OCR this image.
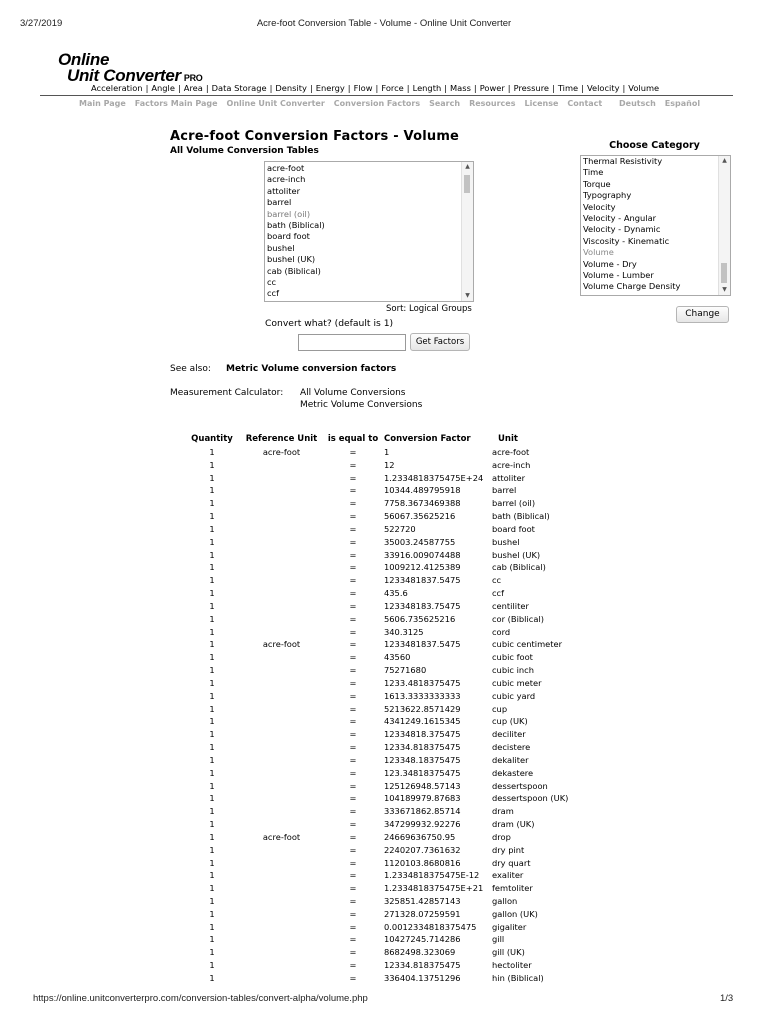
3/27/2019	Acre-foot Conversion Table - Volume - Online Unit Converter
Online
Unit Converter PRO
Acceleration | Angle | Area | Data Storage | Density | Energy | Flow | Force | Length | Mass | Power | Pressure | Time | Velocity | Volume
Main Page Factors Main Page Online Unit Converter Conversion Factors Search Resources License Contact	Deutsch Español
Acre-foot Conversion Factors - Volume
All Volume Conversion Tables
acre-foot
acre-inch
attoliter
barrel
barrel (oil)
bath (Biblical)
board foot
bushel
bushel (UK)
cab (Biblical)
cc
ccf
▲
▼
Sort: Logical Groups
Convert what? (default is 1)
Get Factors
Choose Category
Thermal Resistivity
Time
Torque
Typography
Velocity
Velocity - Angular
Velocity - Dynamic
Viscosity - Kinematic
Volume
Volume - Dry
Volume - Lumber
Volume Charge Density
▲
▼
Change
See also: Metric Volume conversion factors
Measurement Calculator: All Volume Conversions
Metric Volume Conversions
Quantity	Reference Unit	is equal to	Conversion Factor	Unit
1	acre-foot	=	1	acre-foot
1		=	12	acre-inch
1		=	1.2334818375475E+24	attoliter
1		=	10344.489795918	barrel
1		=	7758.3673469388	barrel (oil)
1		=	56067.35625216	bath (Biblical)
1		=	522720	board foot
1		=	35003.24587755	bushel
1		=	33916.009074488	bushel (UK)
1		=	1009212.4125389	cab (Biblical)
1		=	1233481837.5475	cc
1		=	435.6	ccf
1		=	123348183.75475	centiliter
1		=	5606.735625216	cor (Biblical)
1		=	340.3125	cord
1	acre-foot	=	1233481837.5475	cubic centimeter
1		=	43560	cubic foot
1		=	75271680	cubic inch
1		=	1233.4818375475	cubic meter
1		=	1613.3333333333	cubic yard
1		=	5213622.8571429	cup
1		=	4341249.1615345	cup (UK)
1		=	12334818.375475	deciliter
1		=	12334.818375475	decistere
1		=	123348.18375475	dekaliter
1		=	123.34818375475	dekastere
1		=	125126948.57143	dessertspoon
1		=	104189979.87683	dessertspoon (UK)
1		=	333671862.85714	dram
1		=	347299932.92276	dram (UK)
1	acre-foot	=	24669636750.95	drop
1		=	2240207.7361632	dry pint
1		=	1120103.8680816	dry quart
1		=	1.2334818375475E-12	exaliter
1		=	1.2334818375475E+21	femtoliter
1		=	325851.42857143	gallon
1		=	271328.07259591	gallon (UK)
1		=	0.0012334818375475	gigaliter
1		=	10427245.714286	gill
1		=	8682498.323069	gill (UK)
1		=	12334.818375475	hectoliter
1		=	336404.13751296	hin (Biblical)
https://online.unitconverterpro.com/conversion-tables/convert-alpha/volume.php	1/3
